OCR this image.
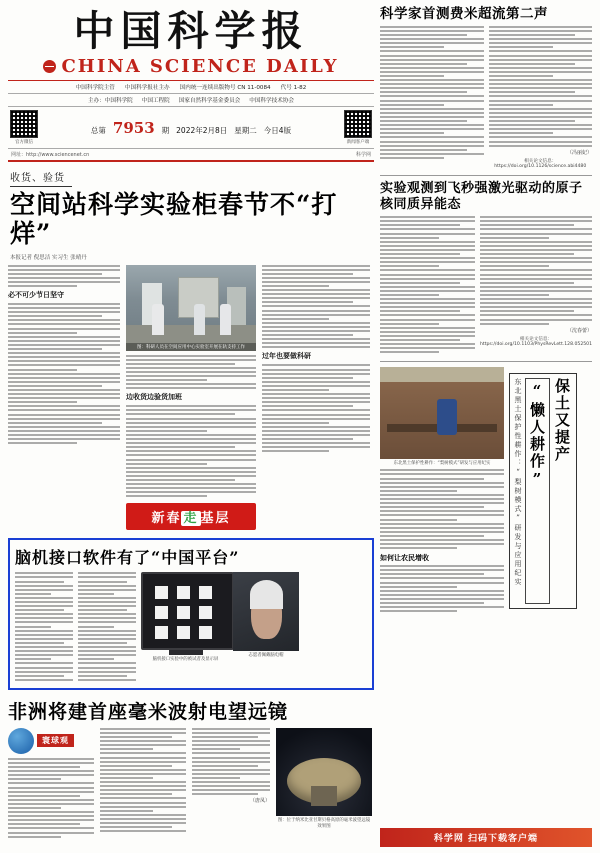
中国科学报
CHINA SCIENCE DAILY
中国科学院主管 中国科学报社主办 国内统一连续出版物号 CN 11-0084 代号 1-82
主办：中国科学院 中国工程院 国家自然科学基金委员会 中国科学技术协会
官方微信
总第 7953 期 2022年2月8日 星期二 今日4版
新闻客户端
网址：http://www.sciencenet.cn	科学网
收货、验货
空间站科学实验柜春节不“打烊”
本报记者 倪思洁 实习生 张晴丹
必不可少节日坚守
图：科研人员在空间应用中心实验室开展在轨支持工作
边收货边验货加班
新春 走 基层
过年也要做科研
脑机接口软件有了“中国平台”
脑机接口实验中的被试者及显示屏
志愿者佩戴脑电帽
非洲将建首座毫米波射电望远镜
寰球观
（唐凤）
图：位于纳米比亚甘斯贝格高原的毫米波望远镜效果图
科学家首测费米超流第二声
（冯丽妃）
相关论文信息：https://doi.org/10.1126/science.abi4480
实验观测到飞秒强激光驱动的原子核同质异能态
（沈春蕾）
相关论文信息：https://doi.org/10.1103/PhysRevLett.128.052501
东北黑土保护性耕作：“梨树模式”研发与应用纪实
如何让农民增收	东北黑土保护性耕作：“梨树模式”研发与应用纪实 “懒人耕作” 保土又提产
科学网 扫码下载客户端
